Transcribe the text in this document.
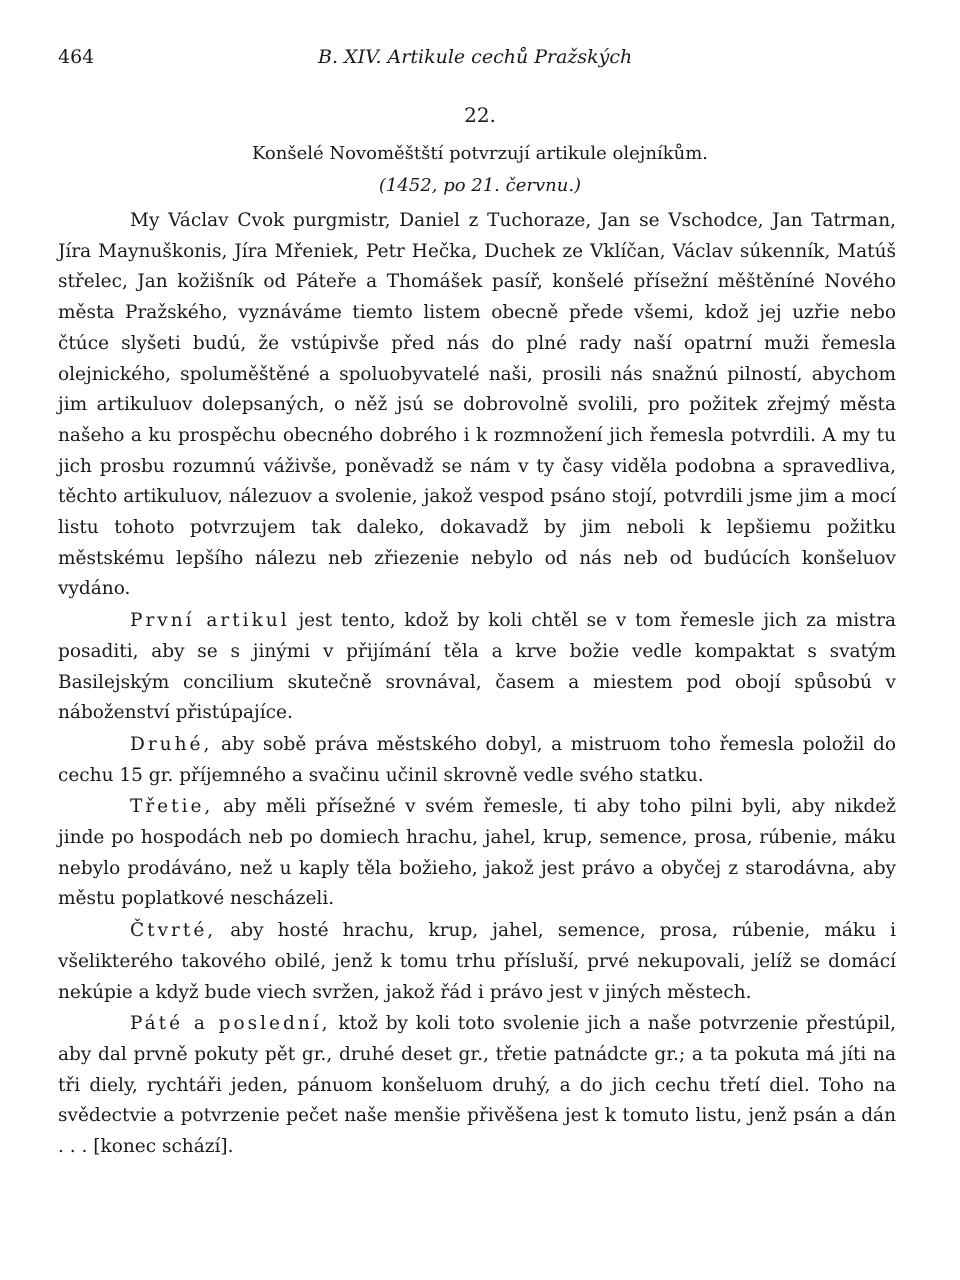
464	B. XIV. Artikule cechů Pražských
22.
Konšelé Novoměštští potvrzují artikule olejníkům.
(1452, po 21. červnu.)

My Václav Cvok purgmistr, Daniel z Tuchoraze, Jan se Vschodce, Jan Tatrman, Jíra Maynuškonis, Jíra Mřeniek, Petr Hečka, Duchek ze Vklíčan, Václav súkenník, Matúš střelec, Jan kožišník od Páteře a Thomášek pasíř, konšelé přísežní měštěníné Nového města Pražského, vyznáváme tiemto listem obecně přede všemi, kdož jej uzřie nebo čtúce slyšeti budú, že vstúpivše před nás do plné rady naší opatrní muži řemesla olejnického, spoluměštěné a spoluobyvatelé naši, prosili nás snažnú pilností, abychom jim artikuluov dolepsaných, o něž jsú se dobrovolně svolili, pro požitek zřejmý města našeho a ku prospěchu obecného dobrého i k rozmnožení jich řemesla potvrdili. A my tu jich prosbu rozumnú váživše, poněvadž se nám v ty časy viděla podobna a spravedliva, těchto artikuluov, nálezuov a svolenie, jakož vespod psáno stojí, potvrdili jsme jim a mocí listu tohoto potvrzujem tak daleko, dokavadž by jim neboli k lepšiemu požitku městskému lepšího nálezu neb zřiezenie nebylo od nás neb od budúcích konšeluov vydáno.

První artikul jest tento, kdož by koli chtěl se v tom řemesle jich za mistra posaditi, aby se s jinými v přijímání těla a krve božie vedle kompaktat s svatým Basilejským concilium skutečně srovnával, časem a miestem pod obojí spůsobú v náboženství přistúpajíce.

Druhé, aby sobě práva městského dobyl, a mistruom toho řemesla položil do cechu 15 gr. příjemného a svačinu učinil skrovně vedle svého statku.

Třetie, aby měli přísežné v svém řemesle, ti aby toho pilni byli, aby nikdež jinde po hospodách neb po domiech hrachu, jahel, krup, semence, prosa, rúbenie, máku nebylo prodáváno, než u kaply těla božieho, jakož jest právo a obyčej z starodávna, aby městu poplatkové nescházeli.

Čtvrté, aby hosté hrachu, krup, jahel, semence, prosa, rúbenie, máku i všelikterého takového obilé, jenž k tomu trhu přísluší, prvé nekupovali, jelíž se domácí nekúpie a když bude viech svržen, jakož řád i právo jest v jiných městech.

Páté a poslední, ktož by koli toto svolenie jich a naše potvrzenie přestúpil, aby dal prvně pokuty pět gr., druhé deset gr., třetie patnádcte gr.; a ta pokuta má jíti na tři diely, rychtáři jeden, pánuom konšeluom druhý, a do jich cechu třetí diel. Toho na svědectvie a potvrzenie pečet naše menšie přivěšena jest k tomuto listu, jenž psán a dán . . . [konec schází].
